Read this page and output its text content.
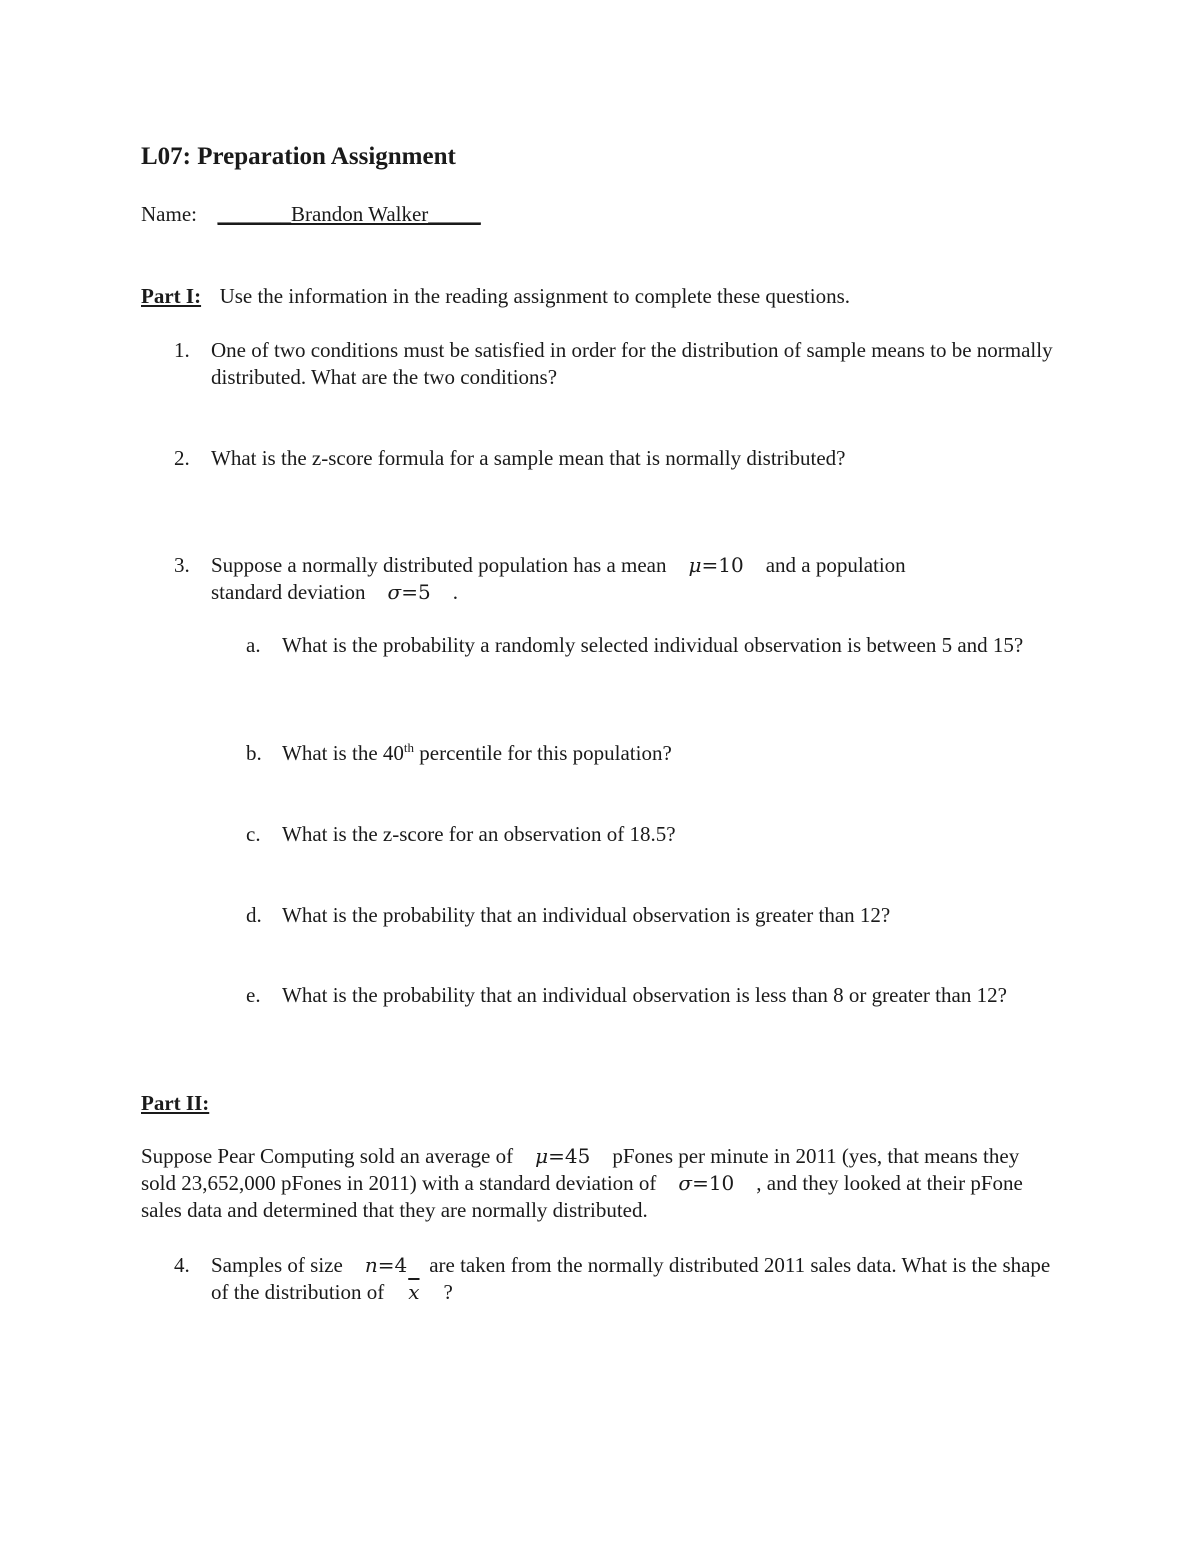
L07: Preparation Assignment
Name: _______Brandon Walker_____
Part I: Use the information in the reading assignment to complete these questions.
1. One of two conditions must be satisfied in order for the distribution of sample means to be normally distributed. What are the two conditions?
2. What is the z-score formula for a sample mean that is normally distributed?
3. Suppose a normally distributed population has a mean μ=10 and a population
standard deviation σ=5 .
a. What is the probability a randomly selected individual observation is between 5 and 15?
b. What is the 40th percentile for this population?
c. What is the z-score for an observation of 18.5?
d. What is the probability that an individual observation is greater than 12?
e. What is the probability that an individual observation is less than 8 or greater than 12?
Part II:
Suppose Pear Computing sold an average of μ=45 pFones per minute in 2011 (yes, that means they sold 23,652,000 pFones in 2011) with a standard deviation of σ=10 , and they looked at their pFone sales data and determined that they are normally distributed.
4. Samples of size n=4 are taken from the normally distributed 2011 sales data. What is the shape of the distribution of $\overline{x}$ ?
